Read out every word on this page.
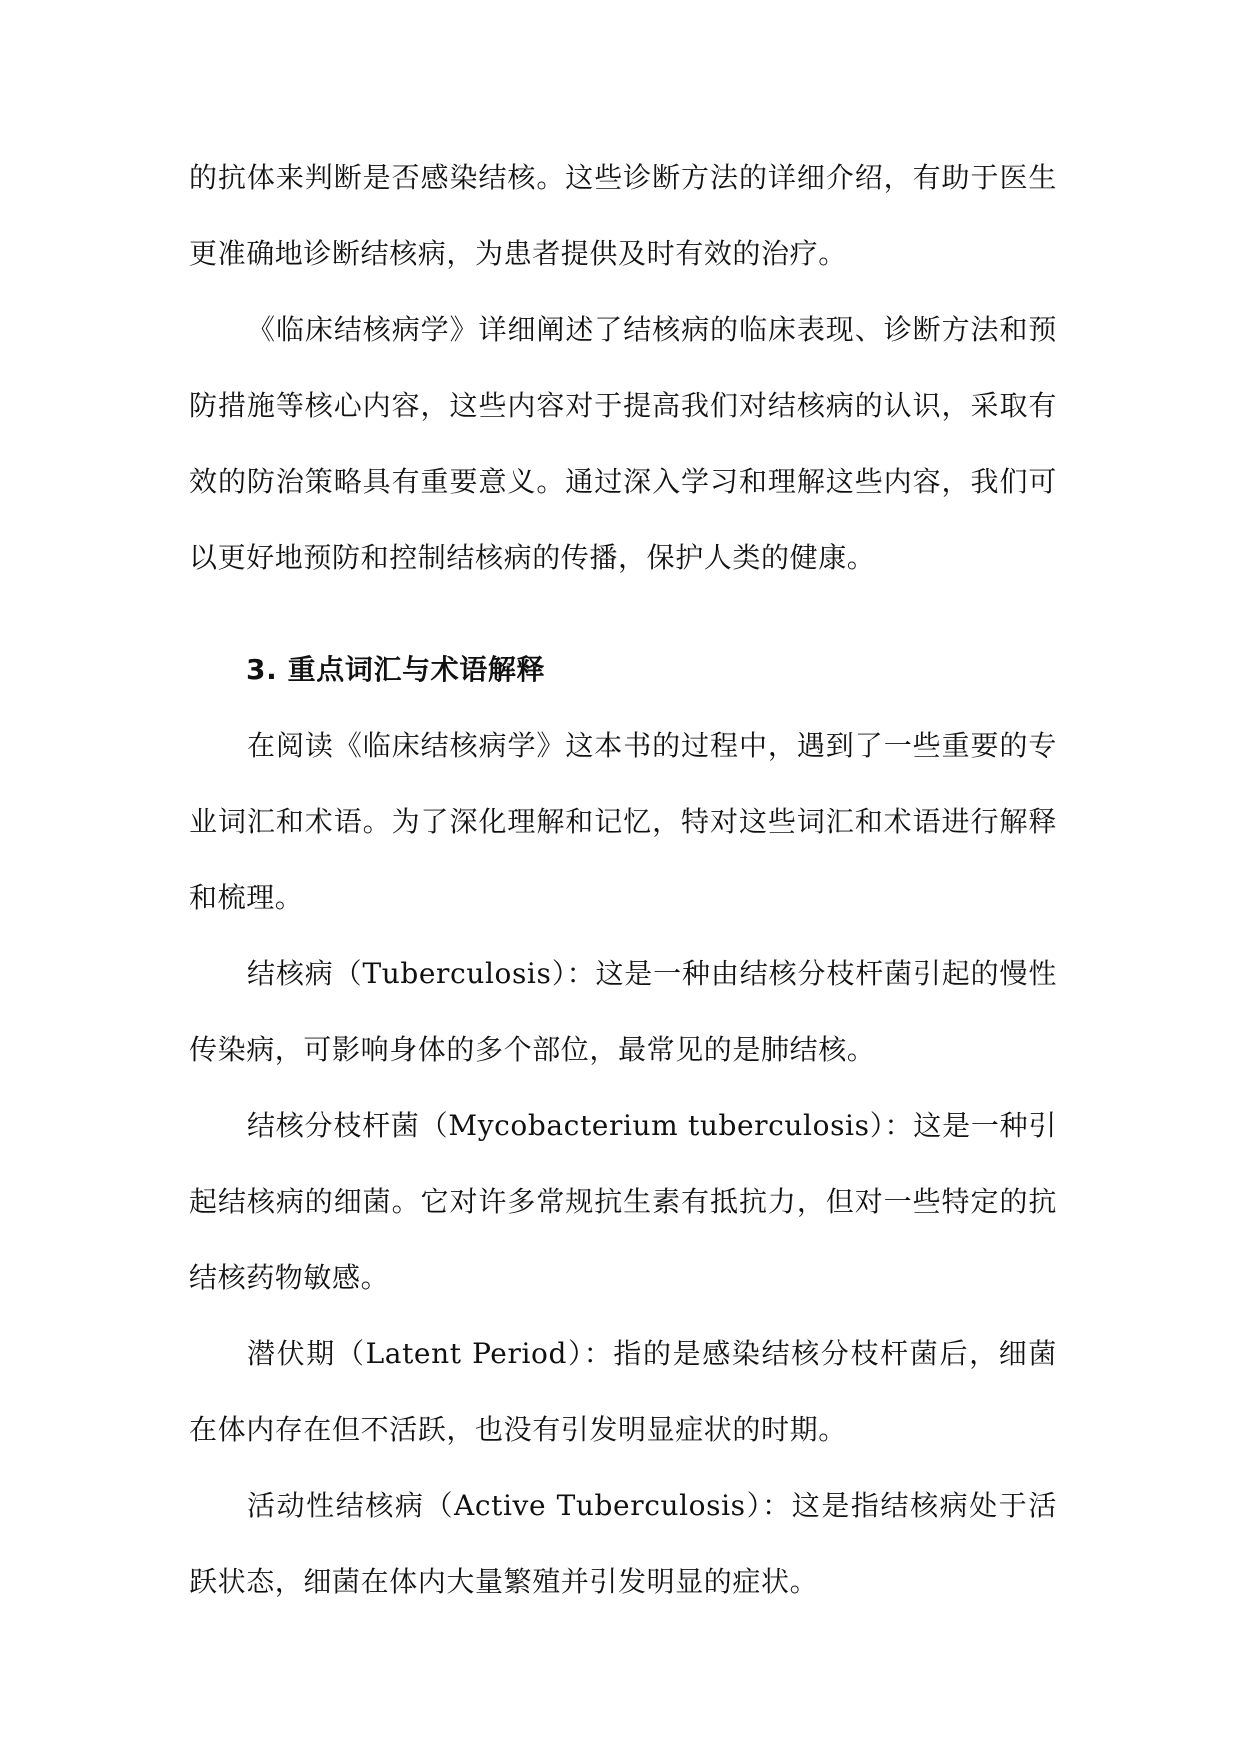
的抗体来判断是否感染结核。这些诊断方法的详细介绍，有助于医生更准确地诊断结核病，为患者提供及时有效的治疗。

《临床结核病学》详细阐述了结核病的临床表现、诊断方法和预防措施等核心内容，这些内容对于提高我们对结核病的认识，采取有效的防治策略具有重要意义。通过深入学习和理解这些内容，我们可以更好地预防和控制结核病的传播，保护人类的健康。

3. 重点词汇与术语解释

在阅读《临床结核病学》这本书的过程中，遇到了一些重要的专业词汇和术语。为了深化理解和记忆，特对这些词汇和术语进行解释和梳理。

结核病（Tuberculosis）：这是一种由结核分枝杆菌引起的慢性传染病，可影响身体的多个部位，最常见的是肺结核。

结核分枝杆菌（Mycobacterium tuberculosis）：这是一种引起结核病的细菌。它对许多常规抗生素有抵抗力，但对一些特定的抗结核药物敏感。

潜伏期（Latent Period）：指的是感染结核分枝杆菌后，细菌在体内存在但不活跃，也没有引发明显症状的时期。

活动性结核病（Active Tuberculosis）：这是指结核病处于活跃状态，细菌在体内大量繁殖并引发明显的症状。
